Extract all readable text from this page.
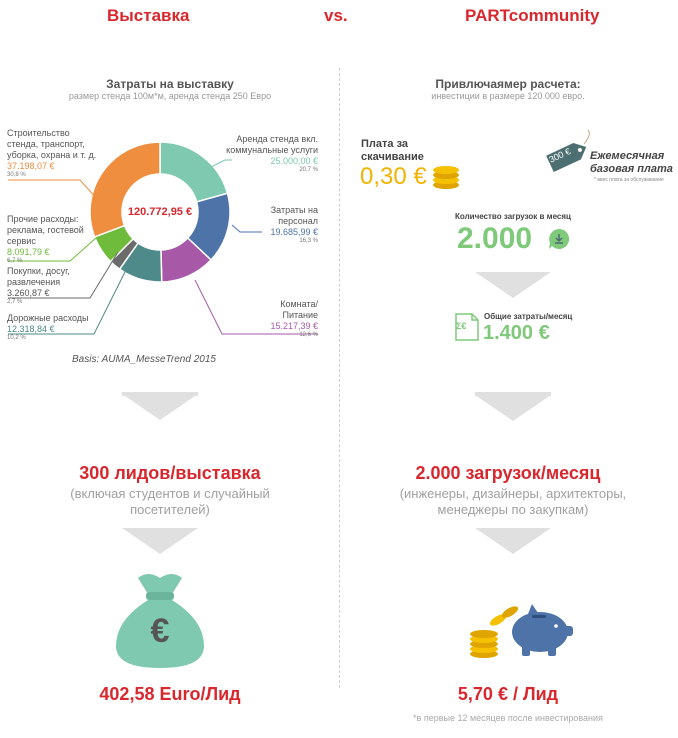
Выставка	vs.	PARTcommunity
Затраты на выставку
размер стенда 100м*м, аренда стенда 250 Евро
120.772,95 €
Аренда стенда вкл. коммунальные услуги
25.000,00 €
20,7 %
Затраты на персонал
19.685,99 €
16,3 %
Комната/ Питание
15.217,39 €
12,6 %
Дорожные расходы
12.318,84 €
10,2 %
Покупки, досуг, развлечения
3.260,87 €
2,7 %
Прочие расходы: реклама, гостевой сервис
8.091,79 €
6,7 %
Строительство стенда, транспорт, уборка, охрана и т. д.
37.198,07 €
30,8 %
Basis: AUMA_MesseTrend 2015
300 лидов/выставка
(включая студентов и случайный посетителей)
€
402,58 Euro/Лид
Привлючаямер расчета:
инвестиции в размере 120 000 евро.
Плата за скачивание
0,30 €
300 €	Ежемесячная базовая плата
* ввес плата за обслуживание
Количество загрузок в месяц
2.000
Σ€
Общие затраты/месяц
1.400 €
2.000 загрузок/месяц
(инженеры, дизайнеры, архитекторы, менеджеры по закупкам)
5,70 € / Лид
*в первые 12 месяцев после инвестирования
